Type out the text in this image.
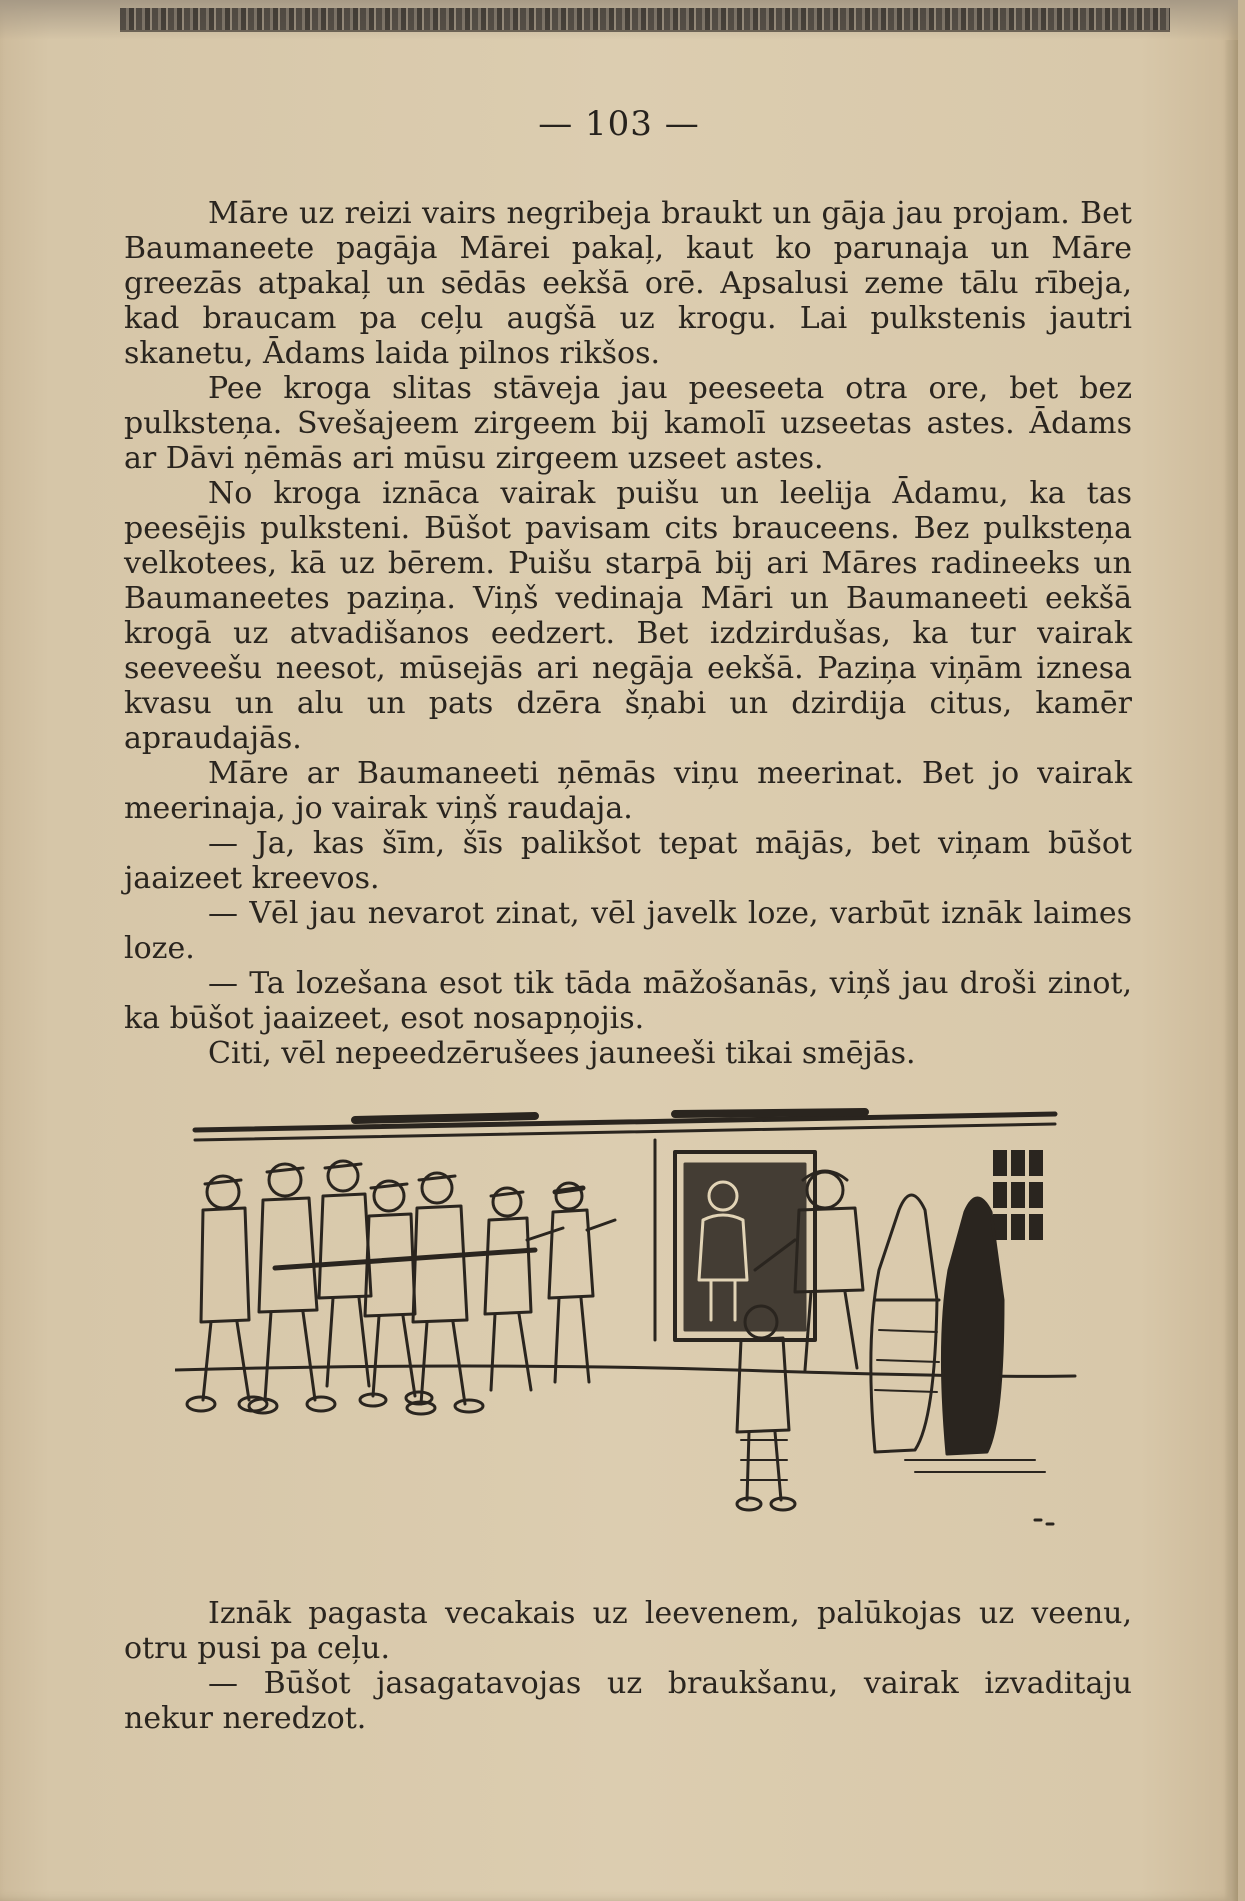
— 103 —

Māre uz reizi vairs negribeja braukt un gāja jau projam. Bet Baumaneete pagāja Mārei pakaļ, kaut ko parunaja un Māre greezās atpakaļ un sēdās eekšā orē. Apsalusi zeme tālu rībeja, kad braucam pa ceļu augšā uz krogu. Lai pulkstenis jautri skanetu, Ādams laida pilnos rikšos.

Pee kroga slitas stāveja jau peeseeta otra ore, bet bez pulksteņa. Svešajeem zirgeem bij kamolī uzseetas astes. Ādams ar Dāvi ņēmās ari mūsu zirgeem uzseet astes.

No kroga iznāca vairak puišu un leelija Ādamu, ka tas peesējis pulksteni. Būšot pavisam cits brauceens. Bez pulksteņa velkotees, kā uz bērem. Puišu starpā bij ari Māres radineeks un Baumaneetes paziņa. Viņš vedinaja Māri un Baumaneeti eekšā krogā uz atvadišanos eedzert. Bet izdzirdušas, ka tur vairak seeveešu neesot, mūsejās ari negāja eekšā. Paziņa viņām iznesa kvasu un alu un pats dzēra šņabi un dzirdija citus, kamēr apraudajās.

Māre ar Baumaneeti ņēmās viņu meerinat. Bet jo vairak meerinaja, jo vairak viņš raudaja.

— Ja, kas šīm, šīs palikšot tepat mājās, bet viņam būšot jaaizeet kreevos.

— Vēl jau nevarot zinat, vēl javelk loze, varbūt iznāk laimes loze.

— Ta lozešana esot tik tāda māžošanās, viņš jau droši zinot, ka būšot jaaizeet, esot nosapņojis.

Citi, vēl nepeedzērušees jauneeši tikai smējās.

Iznāk pagasta vecakais uz leevenem, palūkojas uz veenu, otru pusi pa ceļu.

— Būšot jasagatavojas uz braukšanu, vairak izvaditaju nekur neredzot.
